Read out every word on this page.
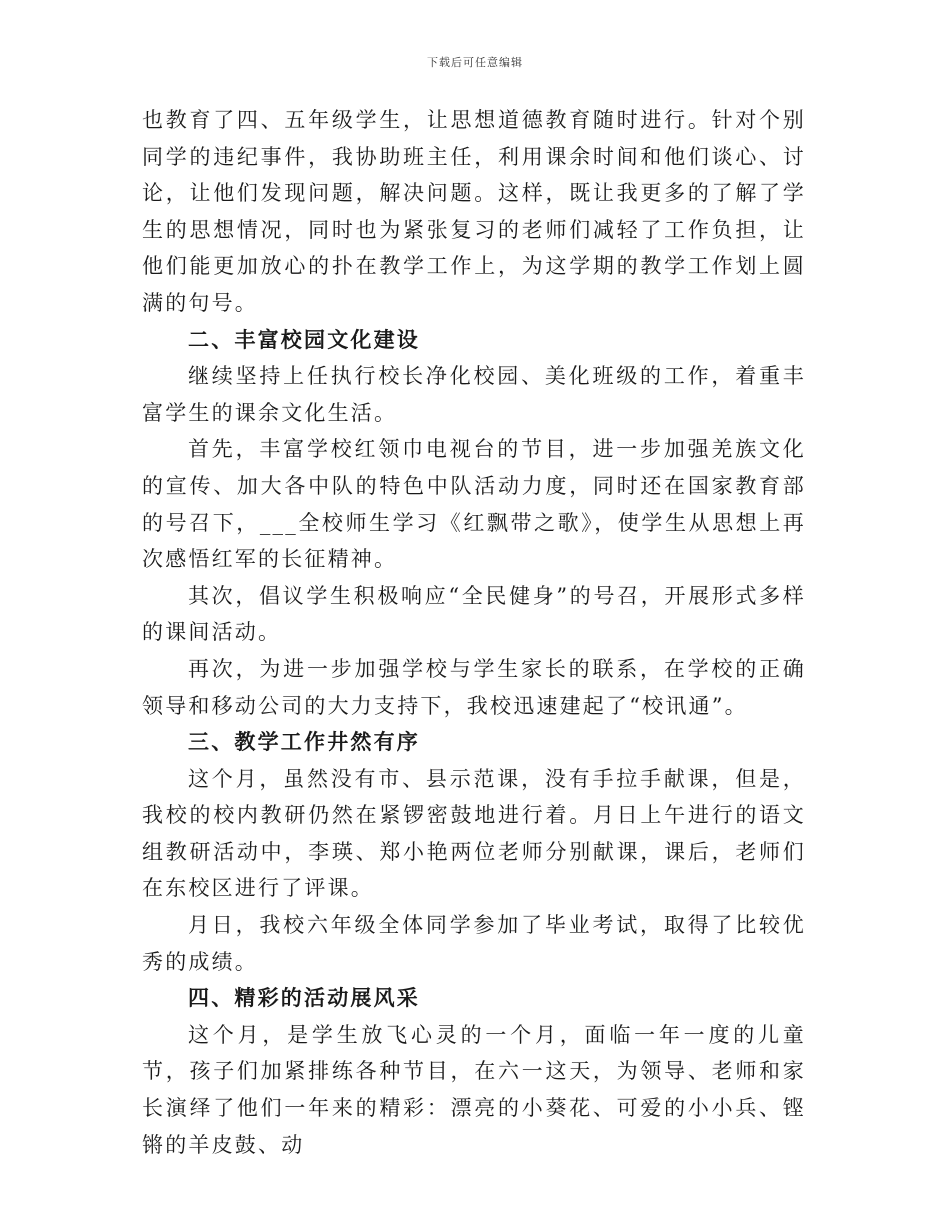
下载后可任意编辑

也教育了四、五年级学生，让思想道德教育随时进行。针对个别同学的违纪事件，我协助班主任，利用课余时间和他们谈心、讨论，让他们发现问题，解决问题。这样，既让我更多的了解了学生的思想情况，同时也为紧张复习的老师们减轻了工作负担，让他们能更加放心的扑在教学工作上，为这学期的教学工作划上圆满的句号。

二、丰富校园文化建设

继续坚持上任执行校长净化校园、美化班级的工作，着重丰富学生的课余文化生活。

首先，丰富学校红领巾电视台的节目，进一步加强羌族文化的宣传、加大各中队的特色中队活动力度，同时还在国家教育部的号召下，___全校师生学习《红飘带之歌》，使学生从思想上再次感悟红军的长征精神。

其次，倡议学生积极响应“全民健身”的号召，开展形式多样的课间活动。

再次，为进一步加强学校与学生家长的联系，在学校的正确领导和移动公司的大力支持下，我校迅速建起了“校讯通”。

三、教学工作井然有序

这个月，虽然没有市、县示范课，没有手拉手献课，但是，我校的校内教研仍然在紧锣密鼓地进行着。月日上午进行的语文组教研活动中，李瑛、郑小艳两位老师分别献课，课后，老师们在东校区进行了评课。

月日，我校六年级全体同学参加了毕业考试，取得了比较优秀的成绩。

四、精彩的活动展风采

这个月，是学生放飞心灵的一个月，面临一年一度的儿童节，孩子们加紧排练各种节目，在六一这天，为领导、老师和家长演绎了他们一年来的精彩：漂亮的小葵花、可爱的小小兵、铿锵的羊皮鼓、动
